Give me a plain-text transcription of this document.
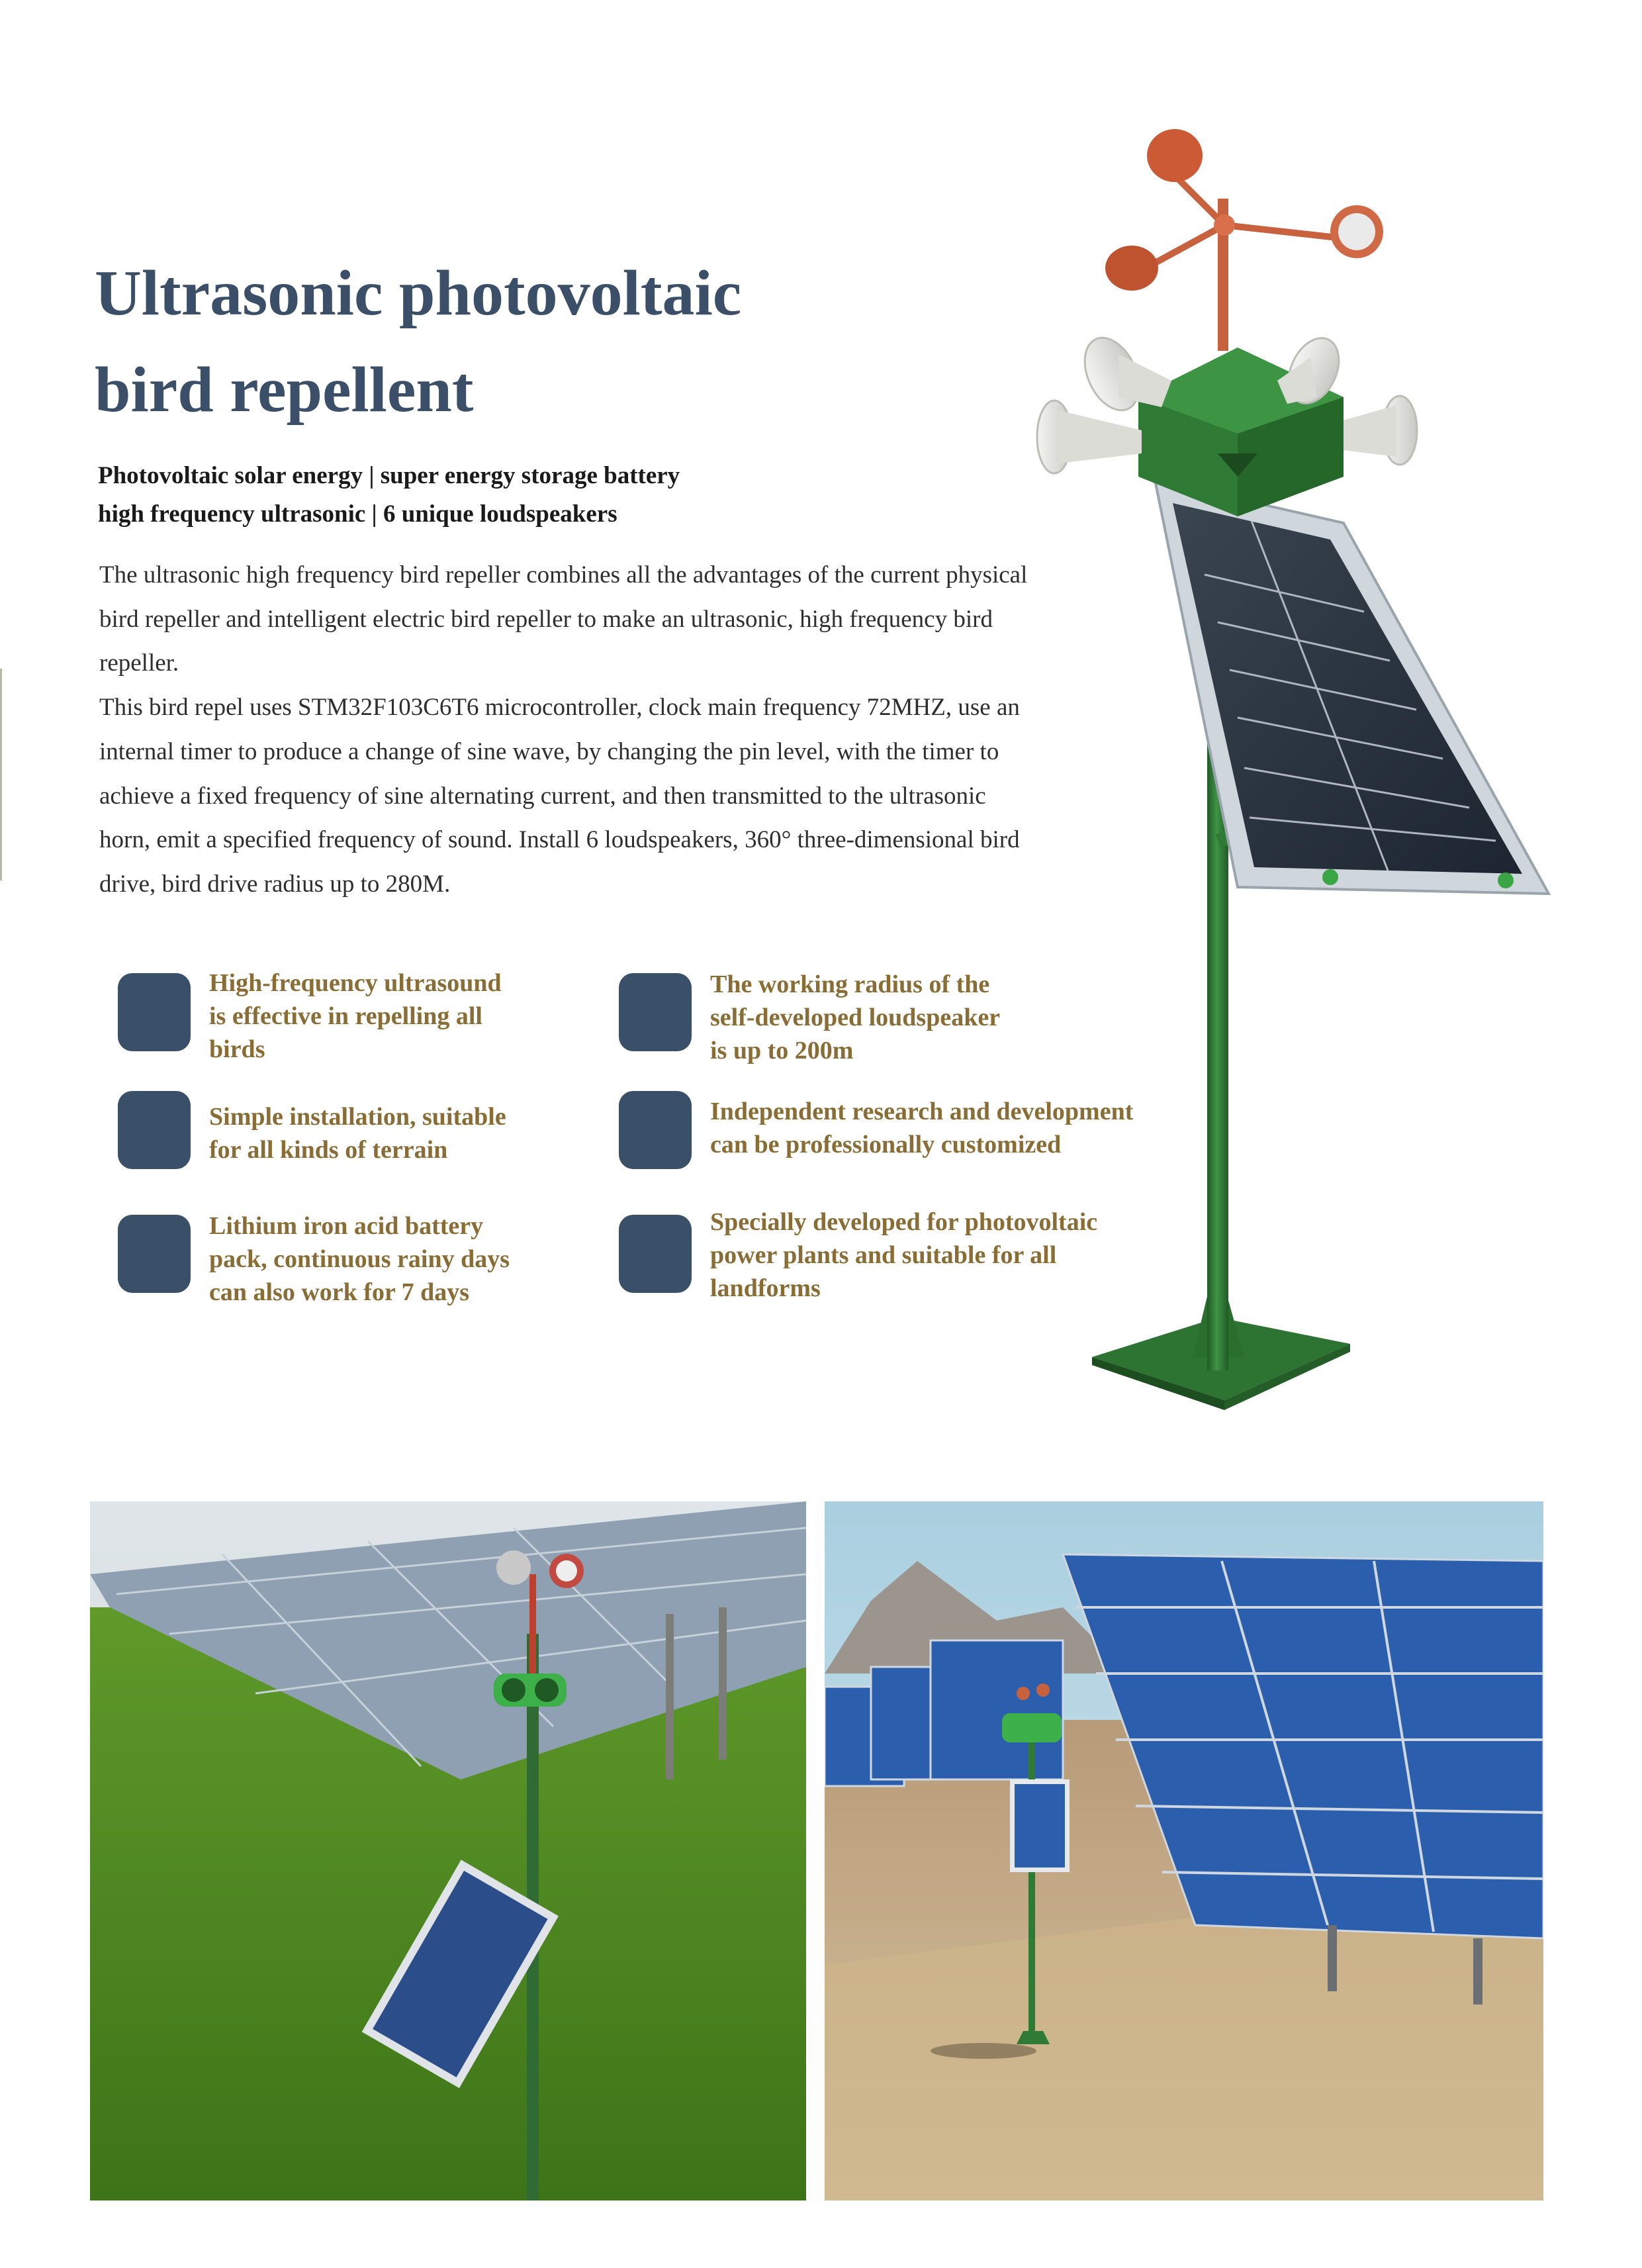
Ultrasonic photovoltaic
bird repellent
Photovoltaic solar energy | super energy storage battery
high frequency ultrasonic | 6 unique loudspeakers
The ultrasonic high frequency bird repeller combines all the advantages of the current physical
bird repeller and intelligent electric bird repeller to make an ultrasonic, high frequency bird
repeller.
This bird repel uses STM32F103C6T6 microcontroller, clock main frequency 72MHZ, use an
internal timer to produce a change of sine wave, by changing the pin level, with the timer to
achieve a fixed frequency of sine alternating current, and then transmitted to the ultrasonic
horn, emit a specified frequency of sound. Install 6 loudspeakers, 360° three-dimensional bird
drive, bird drive radius up to 280M.
High-frequency ultrasound
is effective in repelling all
birds
The working radius of the
self-developed loudspeaker
is up to 200m
Simple installation, suitable
for all kinds of terrain
Independent research and development
can be professionally customized
Lithium iron acid battery
pack, continuous rainy days
can also work for 7 days
Specially developed for photovoltaic
power plants and suitable for all
landforms
